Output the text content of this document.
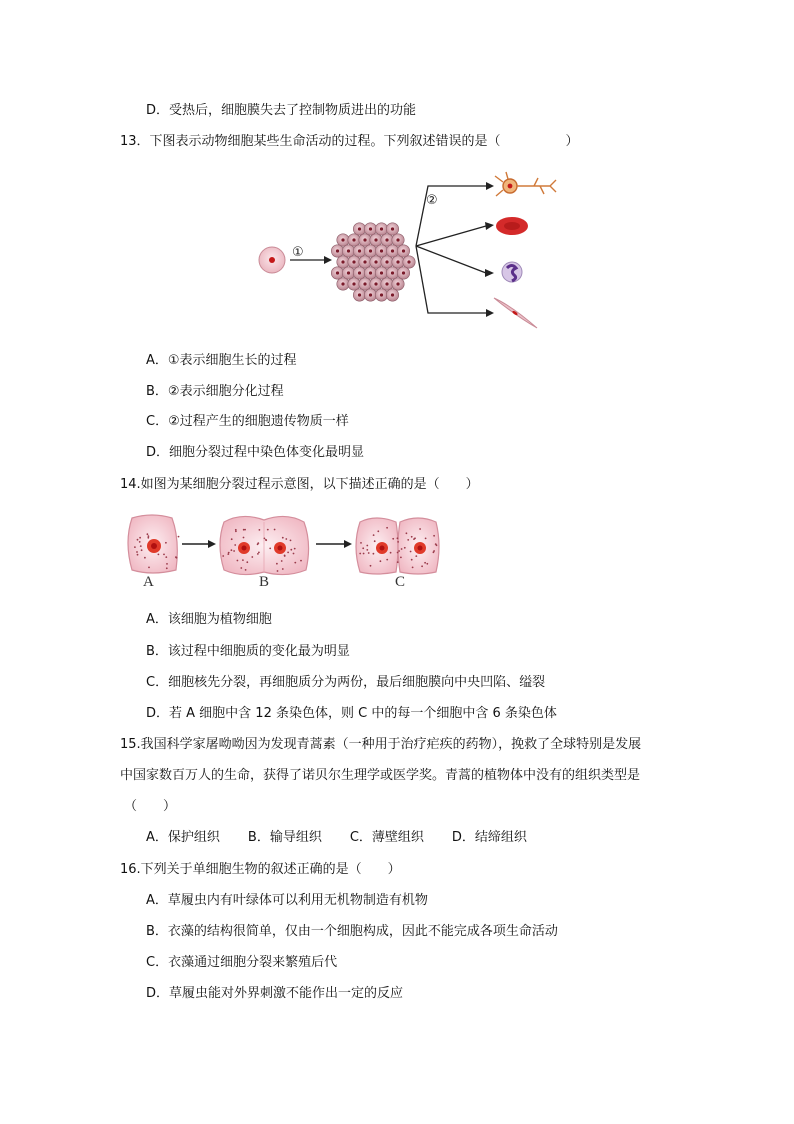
D．受热后，细胞膜失去了控制物质进出的功能
13．下图表示动物细胞某些生命活动的过程。下列叙述错误的是（　　　　　）
①
②
A．①表示细胞生长的过程
B．②表示细胞分化过程
C．②过程产生的细胞遗传物质一样
D．细胞分裂过程中染色体变化最明显
14.如图为某细胞分裂过程示意图，以下描述正确的是（　　）
A	B	C
A．该细胞为植物细胞
B．该过程中细胞质的变化最为明显
C．细胞核先分裂，再细胞质分为两份，最后细胞膜向中央凹陷、缢裂
D．若 A 细胞中含 12 条染色体，则 C 中的每一个细胞中含 6 条染色体
15.我国科学家屠呦呦因为发现青蒿素（一种用于治疗疟疾的药物），挽救了全球特别是发展
中国家数百万人的生命，获得了诺贝尔生理学或医学奖。青蒿的植物体中没有的组织类型是
（　　）
A．保护组织 B．输导组织 C．薄壁组织 D．结缔组织
16.下列关于单细胞生物的叙述正确的是（　　）
A．草履虫内有叶绿体可以利用无机物制造有机物
B．衣藻的结构很简单，仅由一个细胞构成，因此不能完成各项生命活动
C．衣藻通过细胞分裂来繁殖后代
D．草履虫能对外界刺激不能作出一定的反应
